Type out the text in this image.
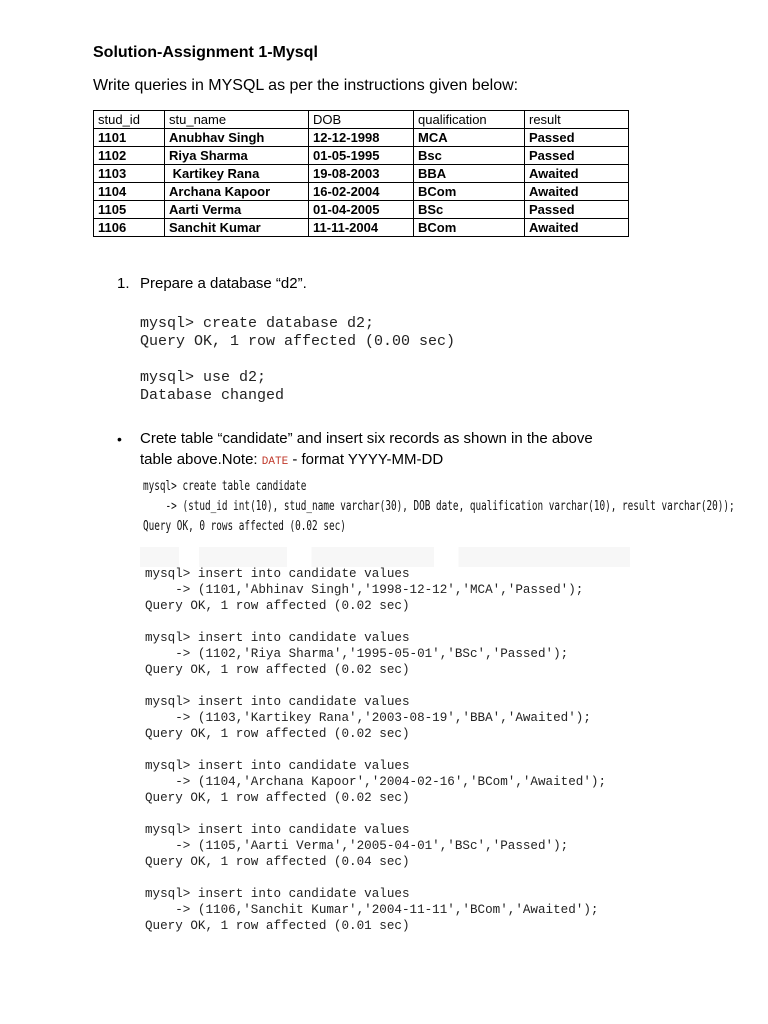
Solution-Assignment 1-Mysql
Write queries in MYSQL as per the instructions given below:
stud_id	stu_name	DOB	qualification	result
1101	Anubhav Singh	12-12-1998	MCA	Passed
1102	Riya Sharma	01-05-1995	Bsc	Passed
1103	Kartikey Rana	19-08-2003	BBA	Awaited
1104	Archana Kapoor	16-02-2004	BCom	Awaited
1105	Aarti Verma	01-04-2005	BSc	Passed
1106	Sanchit Kumar	11-11-2004	BCom	Awaited
1. Prepare a database “d2”.
mysql> create database d2;
Query OK, 1 row affected (0.00 sec)

mysql> use d2;
Database changed
• Crete table “candidate” and insert six records as shown in the above
table above.Note: DATE - format YYYY-MM-DD
mysql> create table candidate
-> (stud_id int(10), stud_name varchar(30), DOB date, qualification varchar(10), result varchar(20));
Query OK, 0 rows affected (0.02 sec)
mysql> insert into candidate values
-> (1101,'Abhinav Singh','1998-12-12','MCA','Passed');
Query OK, 1 row affected (0.02 sec)

mysql> insert into candidate values
-> (1102,'Riya Sharma','1995-05-01','BSc','Passed');
Query OK, 1 row affected (0.02 sec)

mysql> insert into candidate values
-> (1103,'Kartikey Rana','2003-08-19','BBA','Awaited');
Query OK, 1 row affected (0.02 sec)

mysql> insert into candidate values
-> (1104,'Archana Kapoor','2004-02-16','BCom','Awaited');
Query OK, 1 row affected (0.02 sec)

mysql> insert into candidate values
-> (1105,'Aarti Verma','2005-04-01','BSc','Passed');
Query OK, 1 row affected (0.04 sec)

mysql> insert into candidate values
-> (1106,'Sanchit Kumar','2004-11-11','BCom','Awaited');
Query OK, 1 row affected (0.01 sec)
